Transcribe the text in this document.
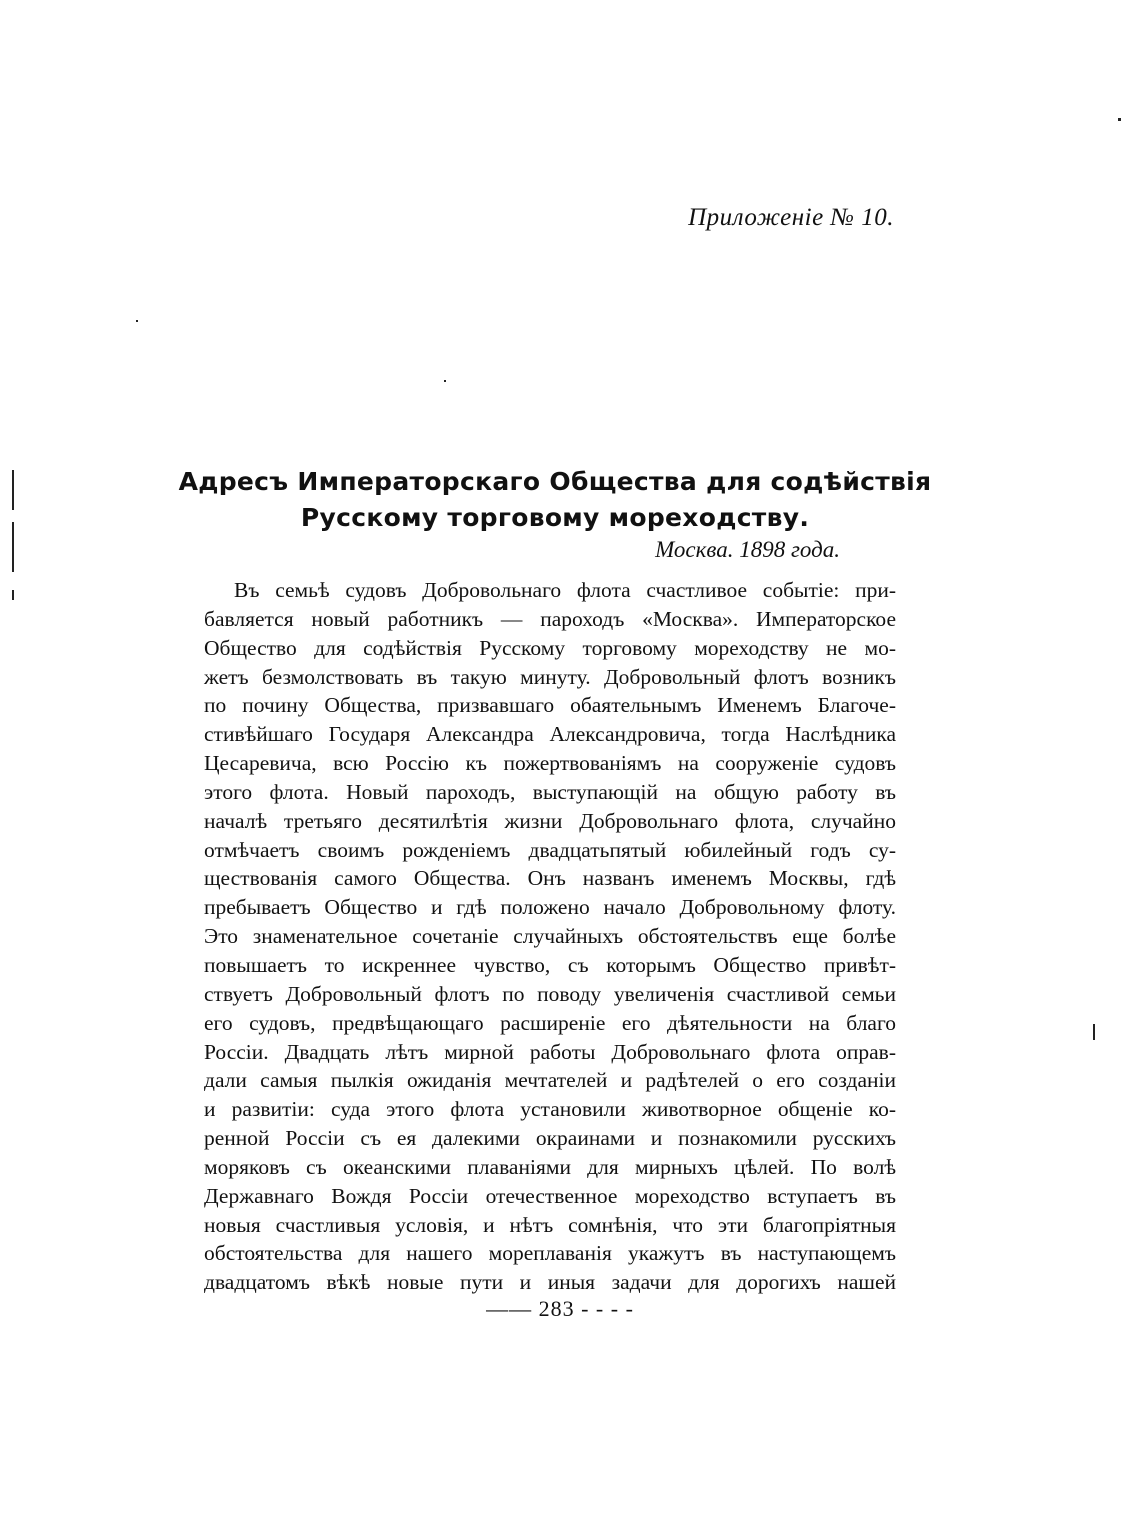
Приложенiе № 10.
Адресъ Императорскаго Общества для содѣйствiя
Русскому торговому мореходству.
Москва. 1898 года.
Въ семьѣ судовъ Добровольнаго флота счастливое событie: при-
бавляется новый работникъ — пароходъ «Москва». Императорское
Общество для содѣйствiя Русскому торговому мореходству не мо-
жетъ безмолствовать въ такую минуту. Добровольный флотъ возникъ
по почину Общества, призвавшаго обаятельнымъ Именемъ Благоче-
стивѣйшаго Государя Александра Александровича, тогда Наслѣдника
Цесаревича, всю Россiю къ пожертвованiямъ на сооруженiе судовъ
этого флота. Новый пароходъ, выступающiй на общую работу въ
началѣ третьяго десятилѣтiя жизни Добровольнаго флота, случайно
отмѣчаетъ своимъ рожденiемъ двадцатьпятый юбилейный годъ су-
ществованiя самого Общества. Онъ названъ именемъ Москвы, гдѣ
пребываетъ Общество и гдѣ положено начало Добровольному флоту.
Это знаменательное сочетанiе случайныхъ обстоятельствъ еще болѣе
повышаетъ то искреннее чувство, съ которымъ Общество привѣт-
ствуетъ Добровольный флотъ по поводу увеличенiя счастливой семьи
его судовъ, предвѣщающаго расширенiе его дѣятельности на благо
Россiи. Двадцать лѣтъ мирной работы Добровольнаго флота оправ-
дали самыя пылкiя ожиданiя мечтателей и радѣтелей о его созданiи
и развитiи: суда этого флота установили животворное общенiе ко-
ренной Россiи съ ея далекими окраинами и познакомили русскихъ
моряковъ съ океанскими плаванiями для мирныхъ цѣлей. По волѣ
Державнаго Вождя Россiи отечественное мореходство вступаетъ въ
новыя счастливыя условiя, и нѣтъ сомнѣнiя, что эти благопрiятныя
обстоятельства для нашего мореплаванiя укажутъ въ наступающемъ
двадцатомъ вѣкѣ новые пути и иныя задачи для дорогихъ нашей
—— 283 - - - -
